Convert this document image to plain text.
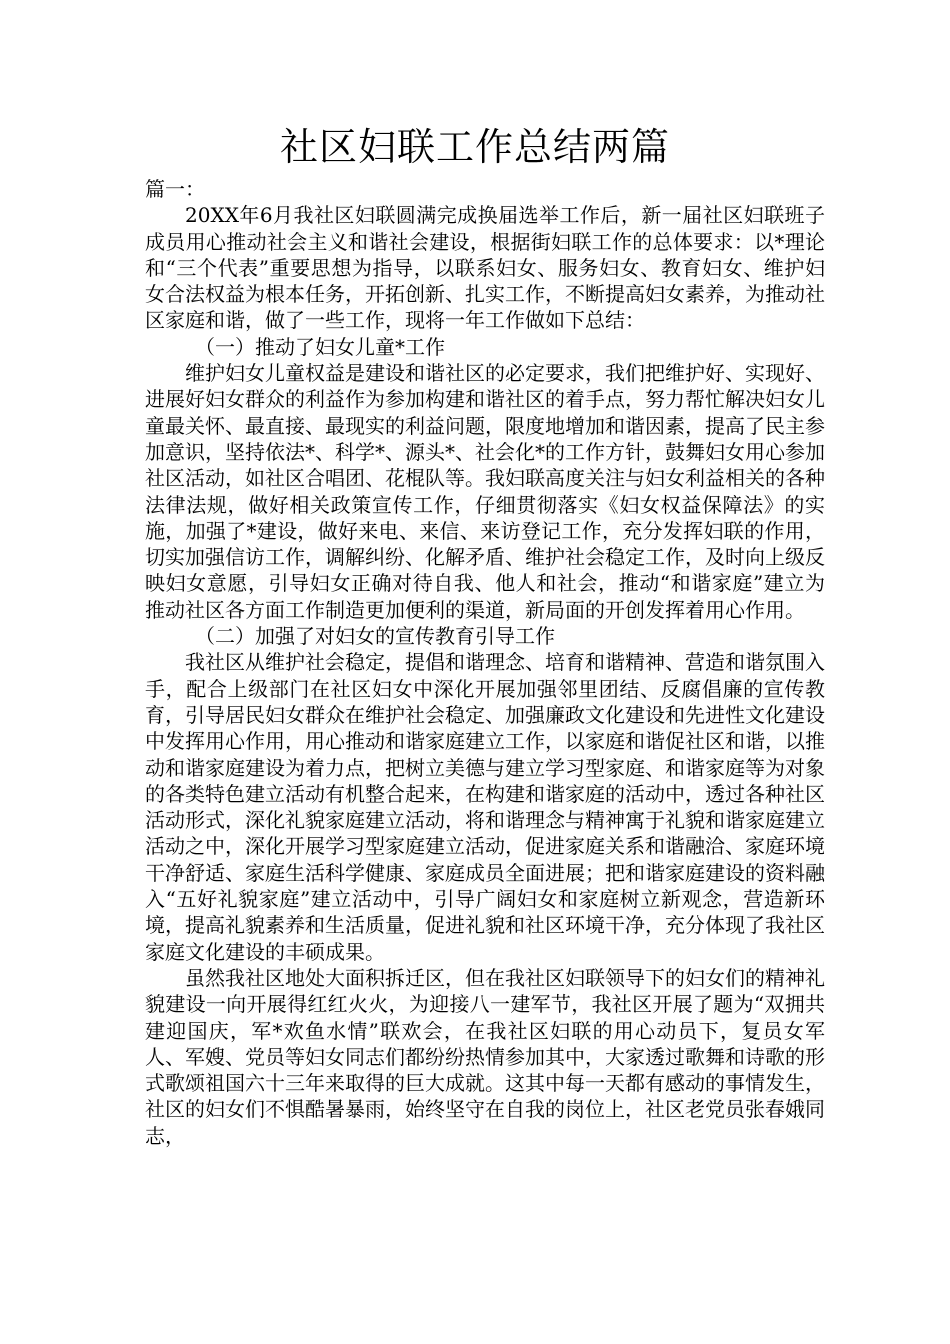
社区妇联工作总结两篇

篇一：

20XX年6月我社区妇联圆满完成换届选举工作后，新一届社区妇联班子成员用心推动社会主义和谐社会建设，根据街妇联工作的总体要求：以*理论和“三个代表”重要思想为指导，以联系妇女、服务妇女、教育妇女、维护妇女合法权益为根本任务，开拓创新、扎实工作，不断提高妇女素养，为推动社区家庭和谐，做了一些工作，现将一年工作做如下总结：

（一）推动了妇女儿童*工作

维护妇女儿童权益是建设和谐社区的必定要求，我们把维护好、实现好、进展好妇女群众的利益作为参加构建和谐社区的着手点，努力帮忙解决妇女儿童最关怀、最直接、最现实的利益问题，限度地增加和谐因素，提高了民主参加意识，坚持依法*、科学*、源头*、社会化*的工作方针，鼓舞妇女用心参加社区活动，如社区合唱团、花棍队等。我妇联高度关注与妇女利益相关的各种法律法规，做好相关政策宣传工作，仔细贯彻落实《妇女权益保障法》的实施，加强了*建设，做好来电、来信、来访登记工作，充分发挥妇联的作用，切实加强信访工作，调解纠纷、化解矛盾、维护社会稳定工作，及时向上级反映妇女意愿，引导妇女正确对待自我、他人和社会，推动“和谐家庭”建立为推动社区各方面工作制造更加便利的渠道，新局面的开创发挥着用心作用。

（二）加强了对妇女的宣传教育引导工作

我社区从维护社会稳定，提倡和谐理念、培育和谐精神、营造和谐氛围入手，配合上级部门在社区妇女中深化开展加强邻里团结、反腐倡廉的宣传教育，引导居民妇女群众在维护社会稳定、加强廉政文化建设和先进性文化建设中发挥用心作用，用心推动和谐家庭建立工作，以家庭和谐促社区和谐，以推动和谐家庭建设为着力点，把树立美德与建立学习型家庭、和谐家庭等为对象的各类特色建立活动有机整合起来，在构建和谐家庭的活动中，透过各种社区活动形式，深化礼貌家庭建立活动，将和谐理念与精神寓于礼貌和谐家庭建立活动之中，深化开展学习型家庭建立活动，促进家庭关系和谐融洽、家庭环境干净舒适、家庭生活科学健康、家庭成员全面进展；把和谐家庭建设的资料融入“五好礼貌家庭”建立活动中，引导广阔妇女和家庭树立新观念，营造新环境，提高礼貌素养和生活质量，促进礼貌和社区环境干净，充分体现了我社区家庭文化建设的丰硕成果。

虽然我社区地处大面积拆迁区，但在我社区妇联领导下的妇女们的精神礼貌建设一向开展得红红火火，为迎接八一建军节，我社区开展了题为“双拥共建迎国庆，军*欢鱼水情”联欢会，在我社区妇联的用心动员下，复员女军人、军嫂、党员等妇女同志们都纷纷热情参加其中，大家透过歌舞和诗歌的形式歌颂祖国六十三年来取得的巨大成就。这其中每一天都有感动的事情发生，社区的妇女们不惧酷暑暴雨，始终坚守在自我的岗位上，社区老党员张春娥同志，
